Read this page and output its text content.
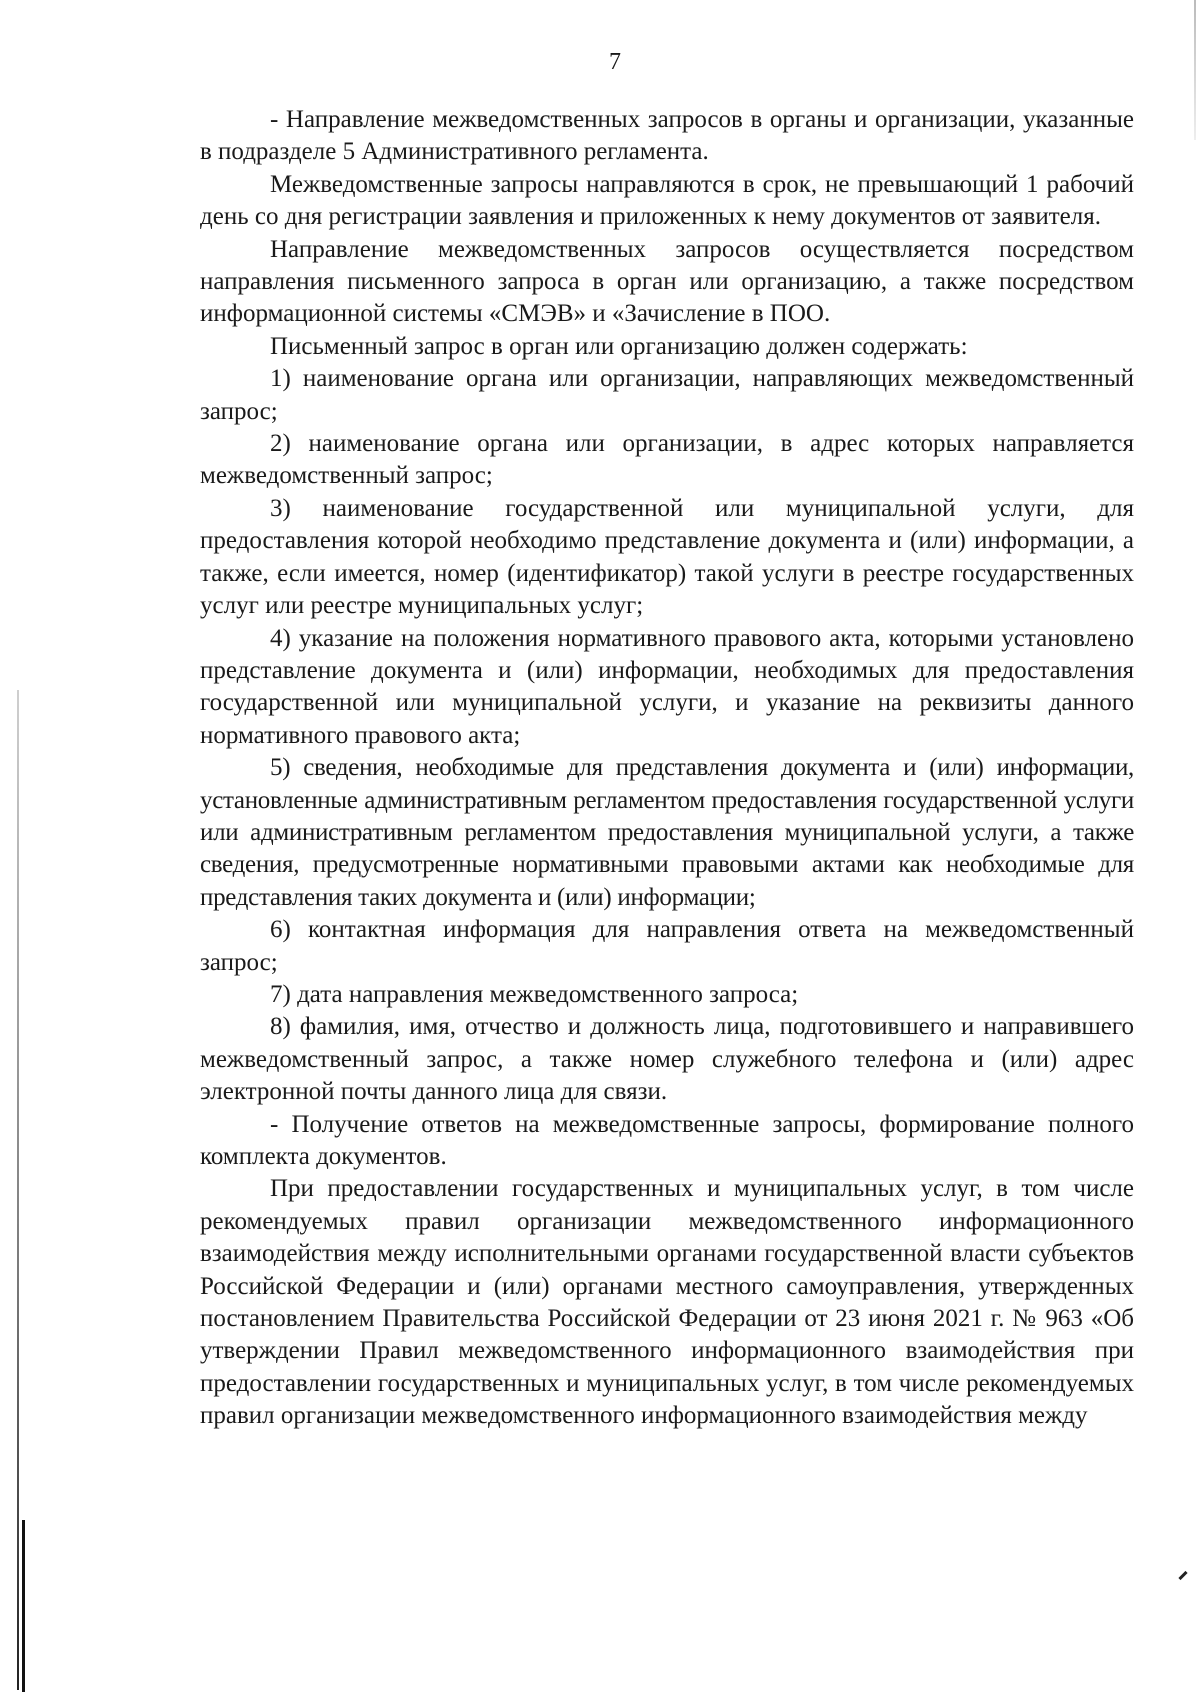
7

- Направление межведомственных запросов в органы и организации, указанные в подразделе 5 Административного регламента.

Межведомственные запросы направляются в срок, не превышающий 1 рабочий день со дня регистрации заявления и приложенных к нему документов от заявителя.

Направление межведомственных запросов осуществляется посредством направления письменного запроса в орган или организацию, а также посредством информационной системы «СМЭВ» и «Зачисление в ПОО.

Письменный запрос в орган или организацию должен содержать:

1) наименование органа или организации, направляющих межведомственный запрос;

2) наименование органа или организации, в адрес которых направляется межведомственный запрос;

3) наименование государственной или муниципальной услуги, для предоставления которой необходимо представление документа и (или) информации, а также, если имеется, номер (идентификатор) такой услуги в реестре государственных услуг или реестре муниципальных услуг;

4) указание на положения нормативного правового акта, которыми установлено представление документа и (или) информации, необходимых для предоставления государственной или муниципальной услуги, и указание на реквизиты данного нормативного правового акта;

5) сведения, необходимые для представления документа и (или) информации, установленные административным регламентом предоставления государственной услуги или административным регламентом предоставления муниципальной услуги, а также сведения, предусмотренные нормативными правовыми актами как необходимые для представления таких документа и (или) информации;

6) контактная информация для направления ответа на межведомственный запрос;

7) дата направления межведомственного запроса;

8) фамилия, имя, отчество и должность лица, подготовившего и направившего межведомственный запрос, а также номер служебного телефона и (или) адрес электронной почты данного лица для связи.

- Получение ответов на межведомственные запросы, формирование полного комплекта документов.

При предоставлении государственных и муниципальных услуг, в том числе рекомендуемых правил организации межведомственного информационного взаимодействия между исполнительными органами государственной власти субъектов Российской Федерации и (или) органами местного самоуправления, утвержденных постановлением Правительства Российской Федерации от 23 июня 2021 г. № 963 «Об утверждении Правил межведомственного информационного взаимодействия при предоставлении государственных и муниципальных услуг, в том числе рекомендуемых правил организации межведомственного информационного взаимодействия между
